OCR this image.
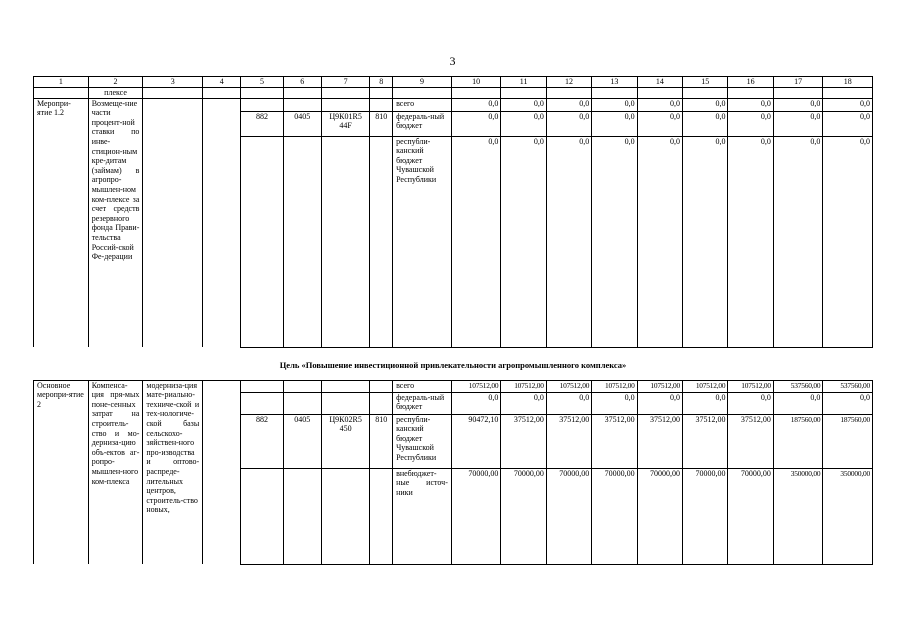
3
1	2	3	4	5	6	7	8	9	10	11	12	13	14	15	16	17	18
	плексе																
Меропри-ятие 1.2	Возмеще-ние части процент-ной ставки по инве-стицион-ным кре-дитам (займам) в агропро-мышлен-ном ком-плексе за счет средств резервного фонда Прави-тельства Россий-ской Фе-дерации							всего	0,0	0,0	0,0	0,0	0,0	0,0	0,0	0,0	0,0
				882	0405	Ц9К01R5 44F	810	федераль-ный бюджет	0,0	0,0	0,0	0,0	0,0	0,0	0,0	0,0	0,0
								республи-канский бюджет Чувашской Республики	0,0	0,0	0,0	0,0	0,0	0,0	0,0	0,0	0,0

Цель «Повышение инвестиционной привлекательности агропромышленного комплекса»																	
Основное меропри-ятие 2	Компенса-ция пря-мых поне-сенных затрат на строитель-ство и мо-дерниза-цию объ-ектов аг-ропро-мышлен-ного ком-плекса	модерниза-ция мате-риально-техниче-ской и тех-нологиче-ской базы сельскохо-зяйствен-ного про-изводства и оптово-распреде-лительных центров, строитель-ство новых,						всего	107512,00	107512,00	107512,00	107512,00	107512,00	107512,00	107512,00	537560,00	537560,00
								федераль-ный бюджет	0,0	0,0	0,0	0,0	0,0	0,0	0,0	0,0	0,0
				882	0405	Ц9К02R5 450	810	республи-канский бюджет Чувашской Республики	90472,10	37512,00	37512,00	37512,00	37512,00	37512,00	37512,00	187560,00	187560,00
								внебюджет-ные источ-ники	70000,00	70000,00	70000,00	70000,00	70000,00	70000,00	70000,00	350000,00	350000,00
